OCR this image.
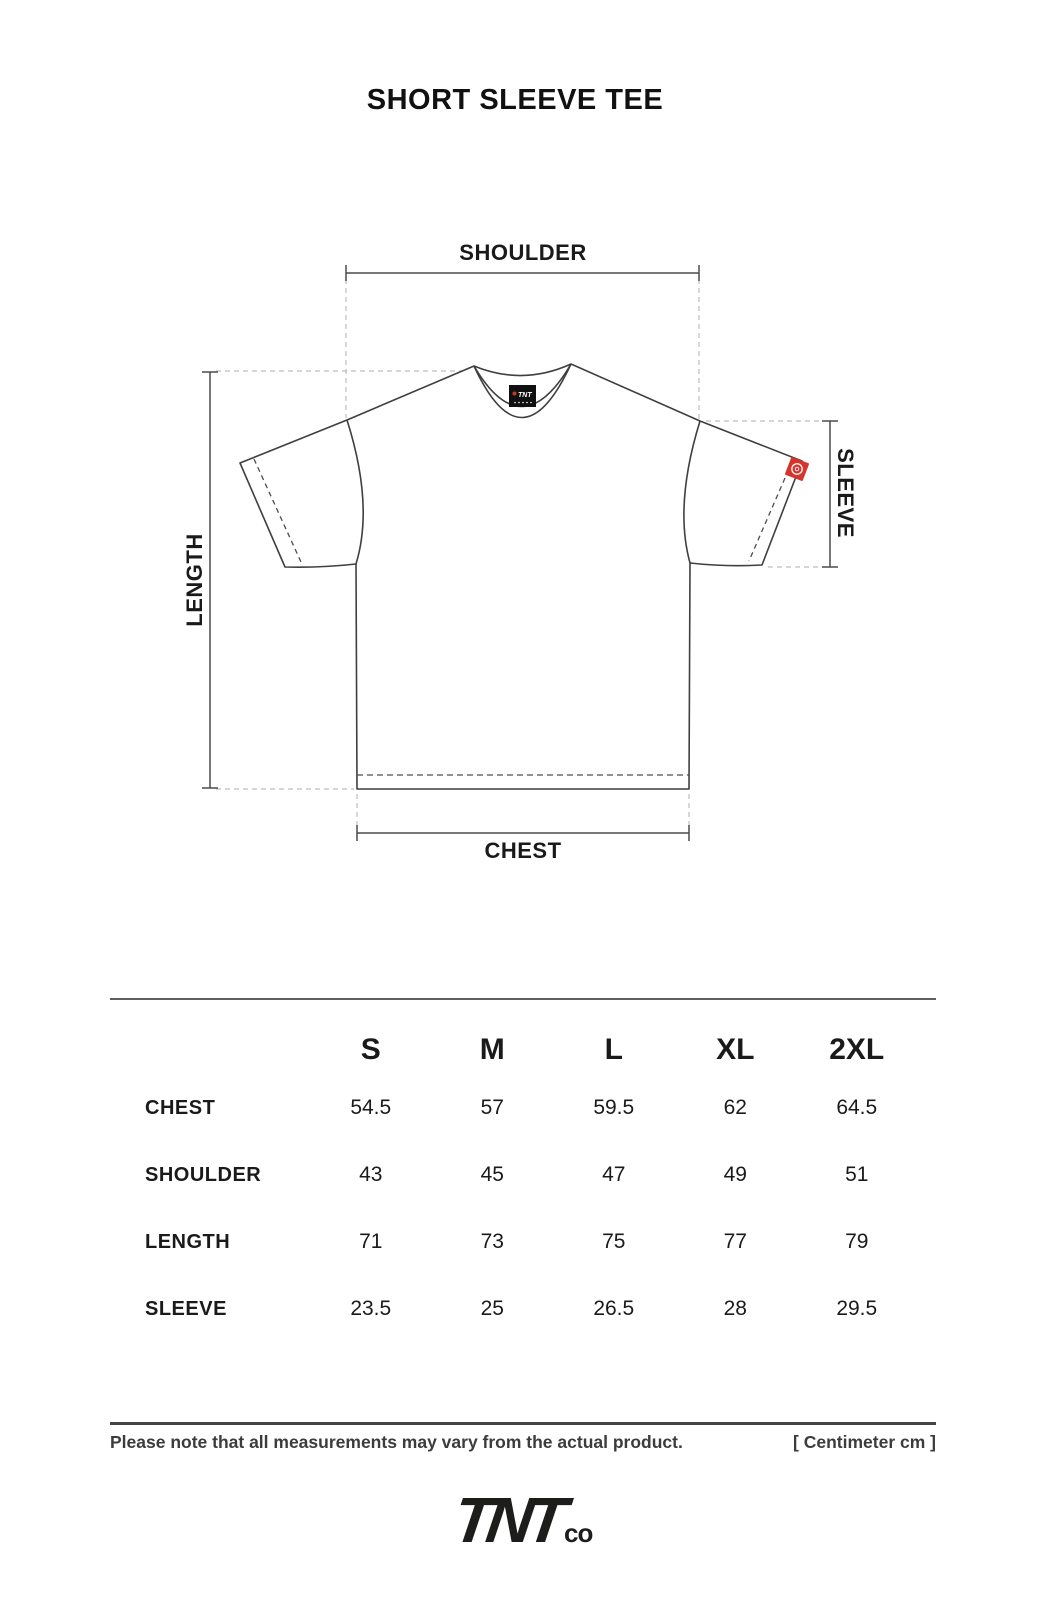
SHORT SLEEVE TEE
TNT
SHOULDER
LENGTH
SLEEVE
CHEST
S	M	L	XL	2XL
CHEST	54.5	57	59.5	62	64.5
SHOULDER	43	45	47	49	51
LENGTH	71	73	75	77	79
SLEEVE	23.5	25	26.5	28	29.5
Please note that all measurements may vary from the actual product.	[ Centimeter cm ]
TNTco
